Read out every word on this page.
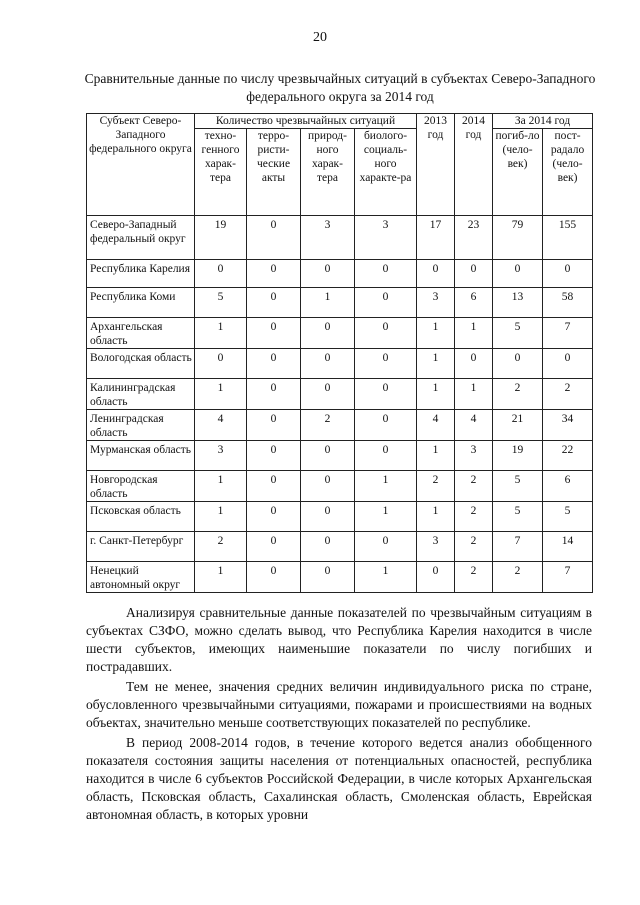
20
Сравнительные данные по числу чрезвычайных ситуаций в субъектах Северо-Западного федерального округа за 2014 год
Субъект Северо-Западного федерального округа	Количество чрезвычайных ситуаций				2013 год	2014 год	За 2014 год	
	техно-генного харак-тера	терро-ристи-ческие акты	природ-ного харак-тера	биолого-социаль-ного характе-ра			погиб-ло (чело-век)	пост-радало (чело-век)
Северо-Западный федеральный округ	19	0	3	3	17	23	79	155
Республика Карелия	0	0	0	0	0	0	0	0
Республика Коми	5	0	1	0	3	6	13	58
Архангельская область	1	0	0	0	1	1	5	7
Вологодская область	0	0	0	0	1	0	0	0
Калининградская область	1	0	0	0	1	1	2	2
Ленинградская область	4	0	2	0	4	4	21	34
Мурманская область	3	0	0	0	1	3	19	22
Новгородская область	1	0	0	1	2	2	5	6
Псковская область	1	0	0	1	1	2	5	5
г. Санкт-Петербург	2	0	0	0	3	2	7	14
Ненецкий автономный округ	1	0	0	1	0	2	2	7

Анализируя сравнительные данные показателей по чрезвычайным ситуациям в субъектах СЗФО, можно сделать вывод, что Республика Карелия находится в числе шести субъектов, имеющих наименьшие показатели по числу погибших и пострадавших.

Тем не менее, значения средних величин индивидуального риска по стране, обусловленного чрезвычайными ситуациями, пожарами и происшествиями на водных объектах, значительно меньше соответствующих показателей по республике.

В период 2008-2014 годов, в течение которого ведется анализ обобщенного показателя состояния защиты населения от потенциальных опасностей, республика находится в числе 6 субъектов Российской Федерации, в числе которых Архангельская область, Псковская область, Сахалинская область, Смоленская область, Еврейская автономная область, в которых уровни
